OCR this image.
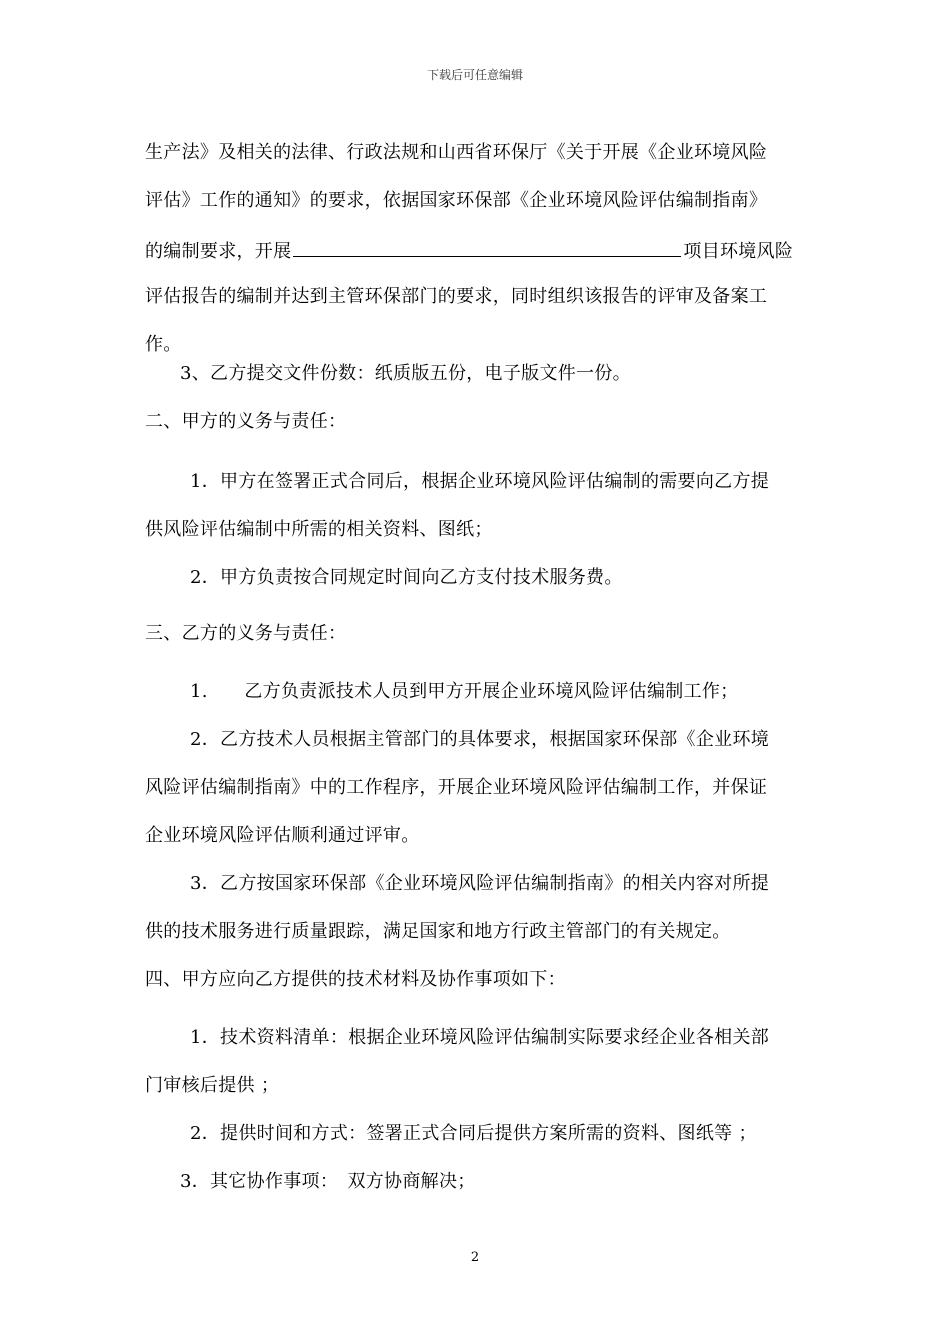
下载后可任意编辑
生产法》及相关的法律、行政法规和山西省环保厅《关于开展《企业环境风险
评估》工作的通知》的要求，依据国家环保部《企业环境风险评估编制指南》
的编制要求，开展	项目环境风险
评估报告的编制并达到主管环保部门的要求，同时组织该报告的评审及备案工
作。
3、乙方提交文件份数：纸质版五份，电子版文件一份。
二、甲方的义务与责任：
1．甲方在签署正式合同后，根据企业环境风险评估编制的需要向乙方提
供风险评估编制中所需的相关资料、图纸；
2．甲方负责按合同规定时间向乙方支付技术服务费。
三、乙方的义务与责任：
1.　　乙方负责派技术人员到甲方开展企业环境风险评估编制工作；
2．乙方技术人员根据主管部门的具体要求，根据国家环保部《企业环境
风险评估编制指南》中的工作程序，开展企业环境风险评估编制工作，并保证
企业环境风险评估顺利通过评审。
3．乙方按国家环保部《企业环境风险评估编制指南》的相关内容对所提
供的技术服务进行质量跟踪，满足国家和地方行政主管部门的有关规定。
四、甲方应向乙方提供的技术材料及协作事项如下：
1．技术资料清单：根据企业环境风险评估编制实际要求经企业各相关部
门审核后提供 ；
2．提供时间和方式：签署正式合同后提供方案所需的资料、图纸等 ；
3．其它协作事项：　双方协商解决；
2
